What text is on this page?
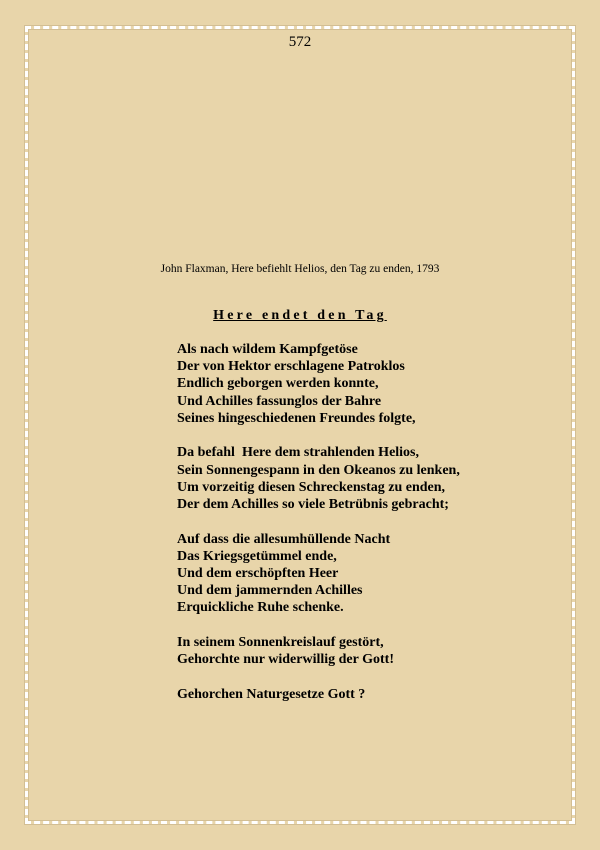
572
John Flaxman, Here befiehlt Helios, den Tag zu enden, 1793
Here endet den Tag
Als nach wildem Kampfgetöse
Der von Hektor erschlagene Patroklos
Endlich geborgen werden konnte,
Und Achilles fassunglos der Bahre
Seines hingeschiedenen Freundes folgte,
Da befahl  Here dem strahlenden Helios,
Sein Sonnengespann in den Okeanos zu lenken,
Um vorzeitig diesen Schreckenstag zu enden,
Der dem Achilles so viele Betrübnis gebracht;
Auf dass die allesumhüllende Nacht
Das Kriegsgetümmel ende,
Und dem erschöpften Heer
Und dem jammernden Achilles
Erquickliche Ruhe schenke.
In seinem Sonnenkreislauf gestört,
Gehorchte nur widerwillig der Gott!
Gehorchen Naturgesetze Gott ?
